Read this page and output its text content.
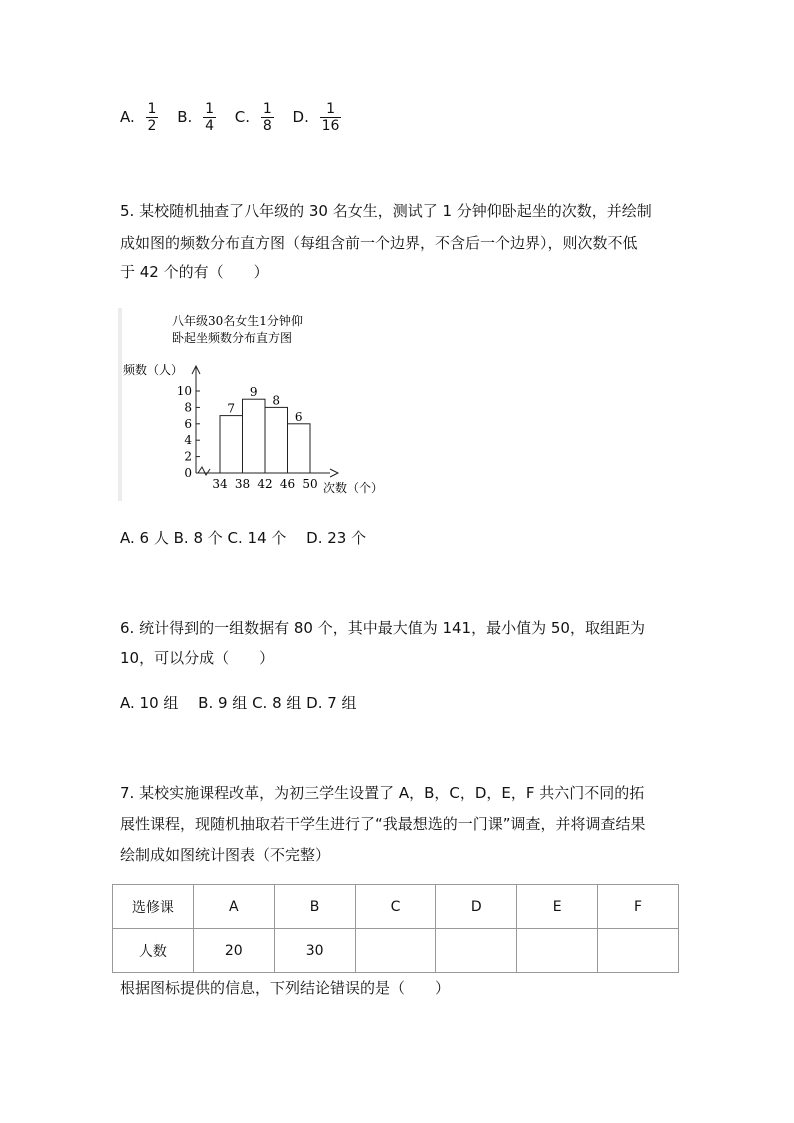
A. $\frac{1}{2} B$. $\frac{1}{4} C$. $\frac{1}{8} D$. $\frac{1}{16}$
5. 某校随机抽查了八年级的 30 名女生，测试了 1 分钟仰卧起坐的次数，并绘制
成如图的频数分布直方图（每组含前一个边界，不含后一个边界），则次数不低
于 42 个的有（　　）
八年级30名女生1分钟仰
卧起坐频数分布直方图
频数（人）
0
2
4
6
8
10
34 38 42 46 50
7
9
8
6
次数（个）
A. 6 人 B. 8 个 C. 14 个　 D. 23 个
6. 统计得到的一组数据有 80 个，其中最大值为 141，最小值为 50，取组距为
10，可以分成（　　）
A. 10 组　 B. 9 组 C. 8 组 D. 7 组
7. 某校实施课程改革，为初三学生设置了 A，B，C，D，E，F 共六门不同的拓
展性课程，现随机抽取若干学生进行了“我最想选的一门课”调查，并将调查结果
绘制成如图统计图表（不完整）
选修课	A	B	C	D	E	F
人数	20	30				
根据图标提供的信息，下列结论错误的是（　　）
